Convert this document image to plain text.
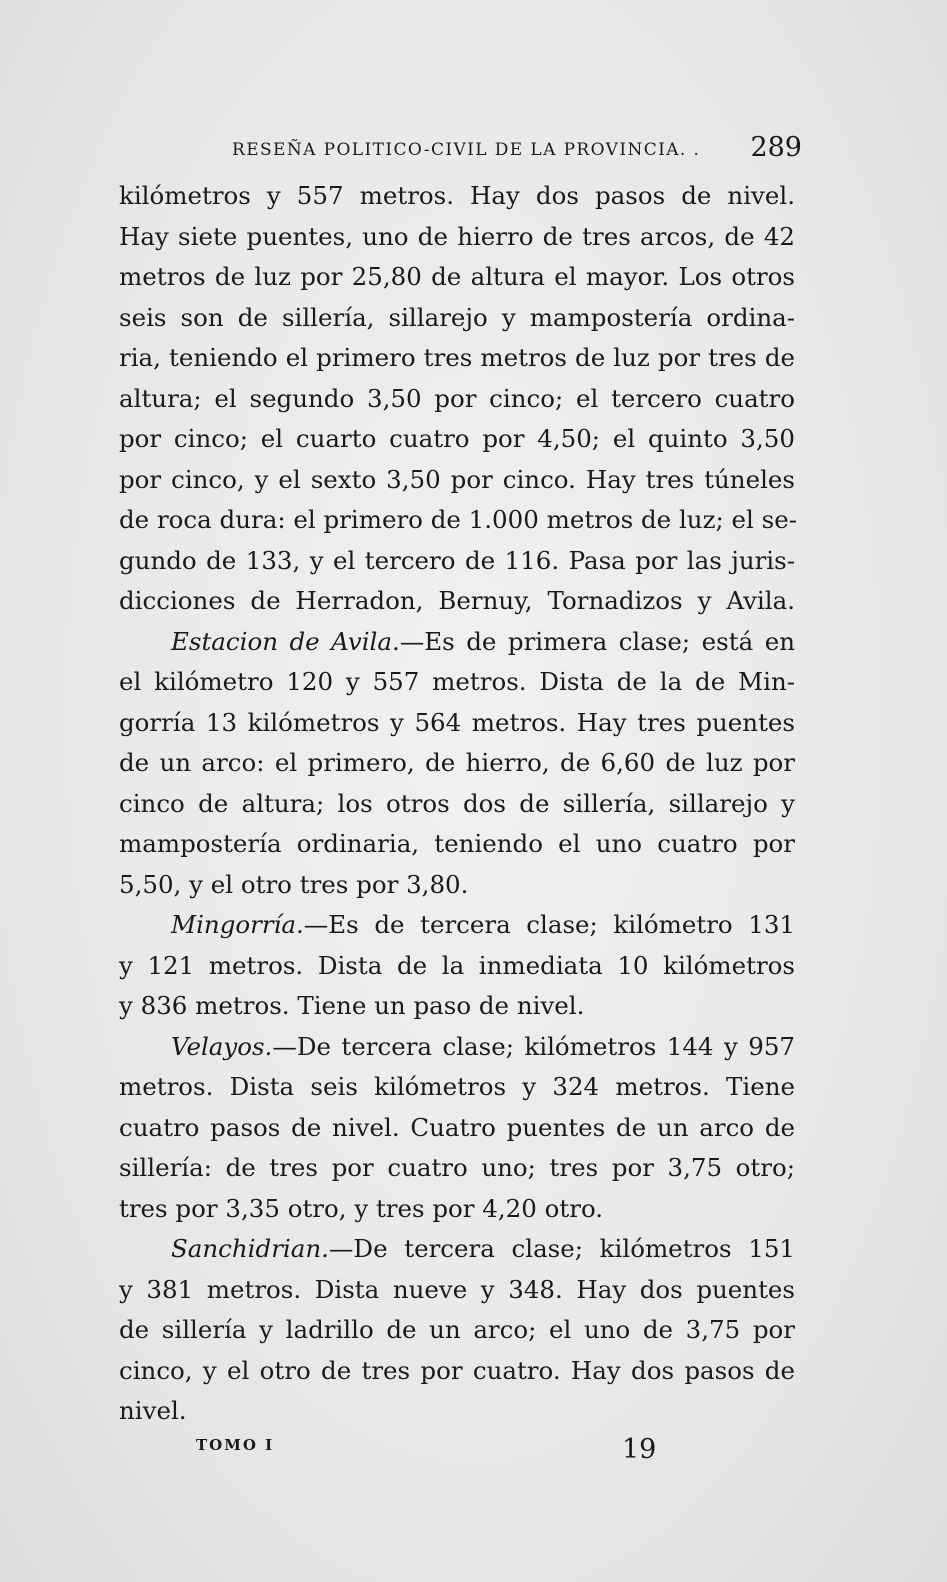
RESEÑA POLITICO-CIVIL DE LA PROVINCIA. . 289
kilómetros y 557 metros. Hay dos pasos de nivel.
Hay siete puentes, uno de hierro de tres arcos, de 42
metros de luz por 25,80 de altura el mayor. Los otros
seis son de sillería, sillarejo y mampostería ordina-
ria, teniendo el primero tres metros de luz por tres de
altura; el segundo 3,50 por cinco; el tercero cuatro
por cinco; el cuarto cuatro por 4,50; el quinto 3,50
por cinco, y el sexto 3,50 por cinco. Hay tres túneles
de roca dura: el primero de 1.000 metros de luz; el se-
gundo de 133, y el tercero de 116. Pasa por las juris-
dicciones de Herradon, Bernuy, Tornadizos y Avila.
Estacion de Avila.—Es de primera clase; está en
el kilómetro 120 y 557 metros. Dista de la de Min-
gorría 13 kilómetros y 564 metros. Hay tres puentes
de un arco: el primero, de hierro, de 6,60 de luz por
cinco de altura; los otros dos de sillería, sillarejo y
mampostería ordinaria, teniendo el uno cuatro por
5,50, y el otro tres por 3,80.
Mingorría.—Es de tercera clase; kilómetro 131
y 121 metros. Dista de la inmediata 10 kilómetros
y 836 metros. Tiene un paso de nivel.
Velayos.—De tercera clase; kilómetros 144 y 957
metros. Dista seis kilómetros y 324 metros. Tiene
cuatro pasos de nivel. Cuatro puentes de un arco de
sillería: de tres por cuatro uno; tres por 3,75 otro;
tres por 3,35 otro, y tres por 4,20 otro.
Sanchidrian.—De tercera clase; kilómetros 151
y 381 metros. Dista nueve y 348. Hay dos puentes
de sillería y ladrillo de un arco; el uno de 3,75 por
cinco, y el otro de tres por cuatro. Hay dos pasos de
nivel.
TOMO I	19
